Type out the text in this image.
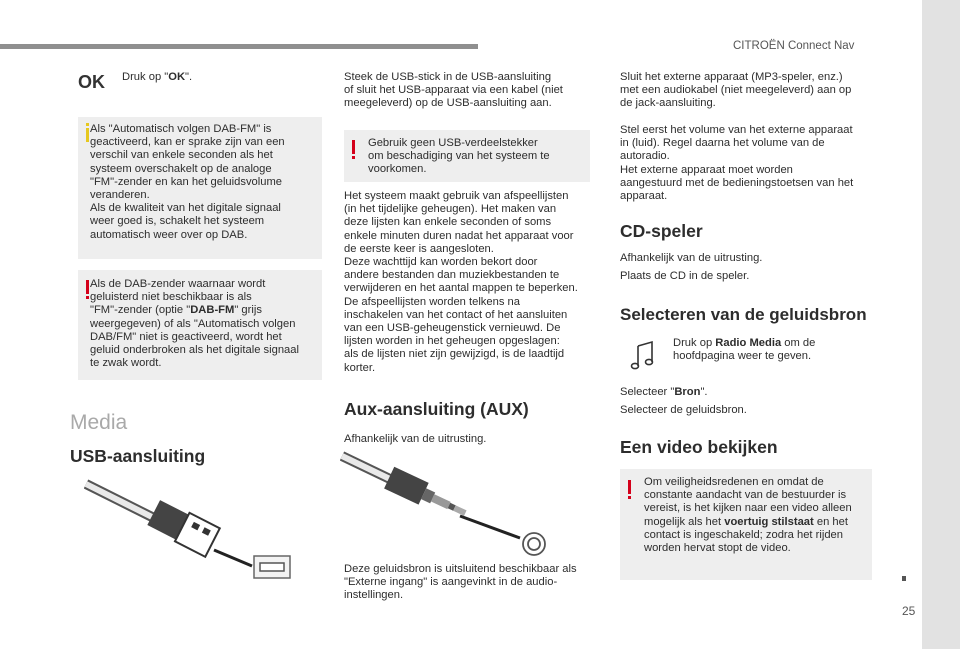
CITROËN Connect Nav
25
OK Druk op "OK".

Als "Automatisch volgen DAB-FM" is

geactiveerd, kan er sprake zijn van een

verschil van enkele seconden als het

systeem overschakelt op de analoge

"FM"-zender en kan het geluidsvolume

veranderen.

Als de kwaliteit van het digitale signaal

weer goed is, schakelt het systeem

automatisch weer over op DAB.

Als de DAB-zender waarnaar wordt

geluisterd niet beschikbaar is als

"FM"-zender (optie "DAB-FM" grijs

weergegeven) of als "Automatisch volgen

DAB/FM" niet is geactiveerd, wordt het

geluid onderbroken als het digitale signaal

te zwak wordt.

Media
USB-aansluiting

Steek de USB-stick in de USB-aansluiting

of sluit het USB-apparaat via een kabel (niet

meegeleverd) op de USB-aansluiting aan.

Gebruik geen USB-verdeelstekker

om beschadiging van het systeem te

voorkomen.

Het systeem maakt gebruik van afspeellijsten

(in het tijdelijke geheugen). Het maken van

deze lijsten kan enkele seconden of soms

enkele minuten duren nadat het apparaat voor

de eerste keer is aangesloten.

Deze wachttijd kan worden bekort door

andere bestanden dan muziekbestanden te

verwijderen en het aantal mappen te beperken.

De afspeellijsten worden telkens na

inschakelen van het contact of het aansluiten

van een USB-geheugenstick vernieuwd. De

lijsten worden in het geheugen opgeslagen:

als de lijsten niet zijn gewijzigd, is de laadtijd

korter.

Aux-aansluiting (AUX)
Afhankelijk van de uitrusting.

Deze geluidsbron is uitsluitend beschikbaar als

"Externe ingang" is aangevinkt in de audio-

instellingen.

Sluit het externe apparaat (MP3-speler, enz.)

met een audiokabel (niet meegeleverd) aan op

de jack-aansluiting.

Stel eerst het volume van het externe apparaat

in (luid). Regel daarna het volume van de

autoradio.

Het externe apparaat moet worden

aangestuurd met de bedieningstoetsen van het

apparaat.

CD-speler
Afhankelijk van de uitrusting.
Plaats de CD in de speler.
Selecteren van de geluidsbron

Druk op Radio Media om de

hoofdpagina weer te geven.

Selecteer "Bron".
Selecteer de geluidsbron.
Een video bekijken

Om veiligheidsredenen en omdat de

constante aandacht van de bestuurder is

vereist, is het kijken naar een video alleen

mogelijk als het voertuig stilstaat en het

contact is ingeschakeld; zodra het rijden

worden hervat stopt de video.
